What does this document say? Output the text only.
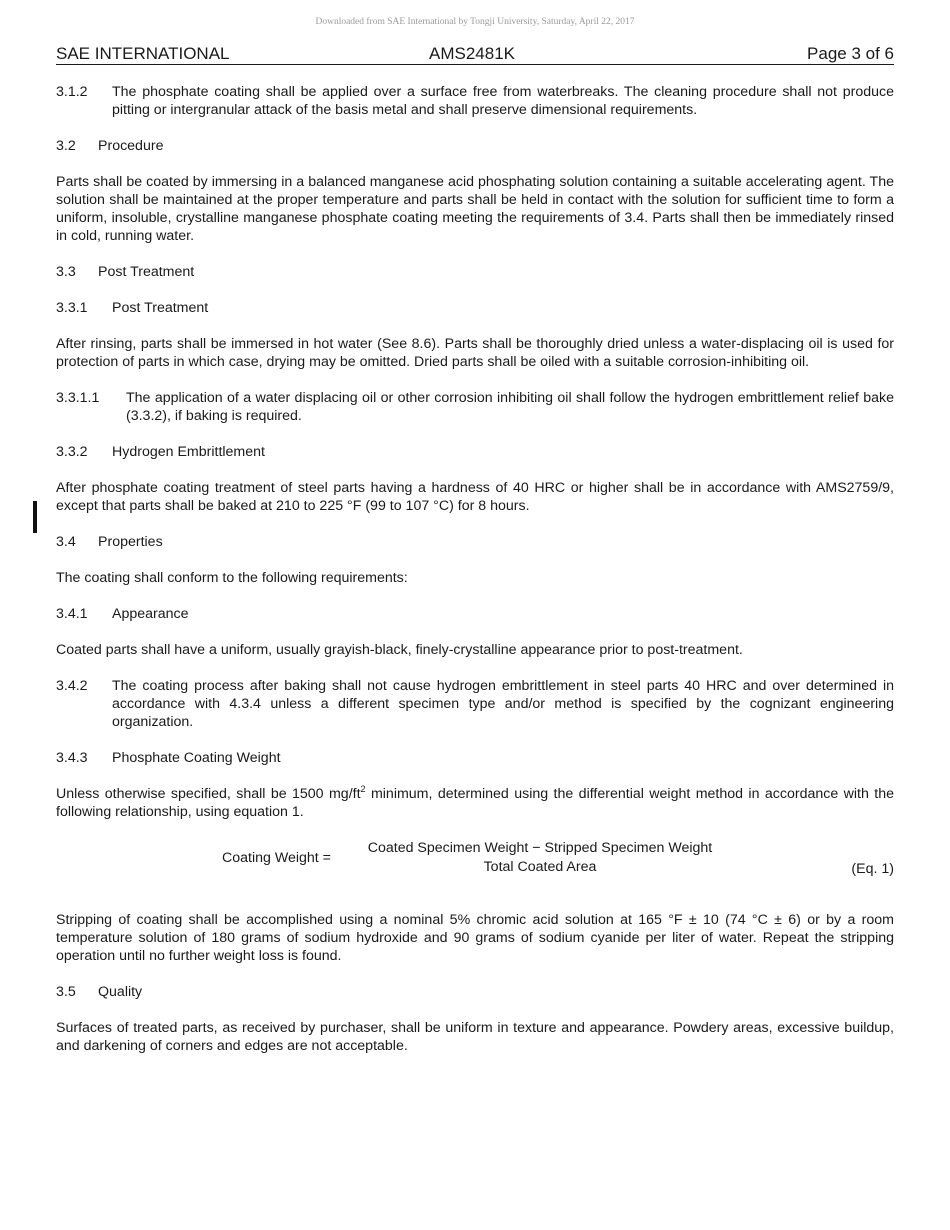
Downloaded from SAE International by Tongji University, Saturday, April 22, 2017
SAE INTERNATIONAL	AMS2481K	Page 3 of 6
3.1.2	The phosphate coating shall be applied over a surface free from waterbreaks. The cleaning procedure shall not produce pitting or intergranular attack of the basis metal and shall preserve dimensional requirements.
3.2	Procedure

Parts shall be coated by immersing in a balanced manganese acid phosphating solution containing a suitable accelerating agent. The solution shall be maintained at the proper temperature and parts shall be held in contact with the solution for sufficient time to form a uniform, insoluble, crystalline manganese phosphate coating meeting the requirements of 3.4. Parts shall then be immediately rinsed in cold, running water.

3.3	Post Treatment
3.3.1	Post Treatment

After rinsing, parts shall be immersed in hot water (See 8.6). Parts shall be thoroughly dried unless a water-displacing oil is used for protection of parts in which case, drying may be omitted. Dried parts shall be oiled with a suitable corrosion-inhibiting oil.

3.3.1.1	The application of a water displacing oil or other corrosion inhibiting oil shall follow the hydrogen embrittlement relief bake (3.3.2), if baking is required.
3.3.2	Hydrogen Embrittlement

After phosphate coating treatment of steel parts having a hardness of 40 HRC or higher shall be in accordance with AMS2759/9, except that parts shall be baked at 210 to 225 °F (99 to 107 °C) for 8 hours.

3.4	Properties

The coating shall conform to the following requirements:

3.4.1	Appearance

Coated parts shall have a uniform, usually grayish-black, finely-crystalline appearance prior to post-treatment.

3.4.2	The coating process after baking shall not cause hydrogen embrittlement in steel parts 40 HRC and over determined in accordance with 4.3.4 unless a different specimen type and/or method is specified by the cognizant engineering organization.
3.4.3	Phosphate Coating Weight

Unless otherwise specified, shall be 1500 $mg/ft^2$ minimum, determined using the differential weight method in accordance with the following relationship, using equation 1.

Coating Weight =
Coated Specimen Weight − Stripped Specimen Weight
Total Coated Area	(Eq. 1)

Stripping of coating shall be accomplished using a nominal 5% chromic acid solution at 165 °F ± 10 (74 °C ± 6) or by a room temperature solution of 180 grams of sodium hydroxide and 90 grams of sodium cyanide per liter of water. Repeat the stripping operation until no further weight loss is found.

3.5	Quality

Surfaces of treated parts, as received by purchaser, shall be uniform in texture and appearance. Powdery areas, excessive buildup, and darkening of corners and edges are not acceptable.
